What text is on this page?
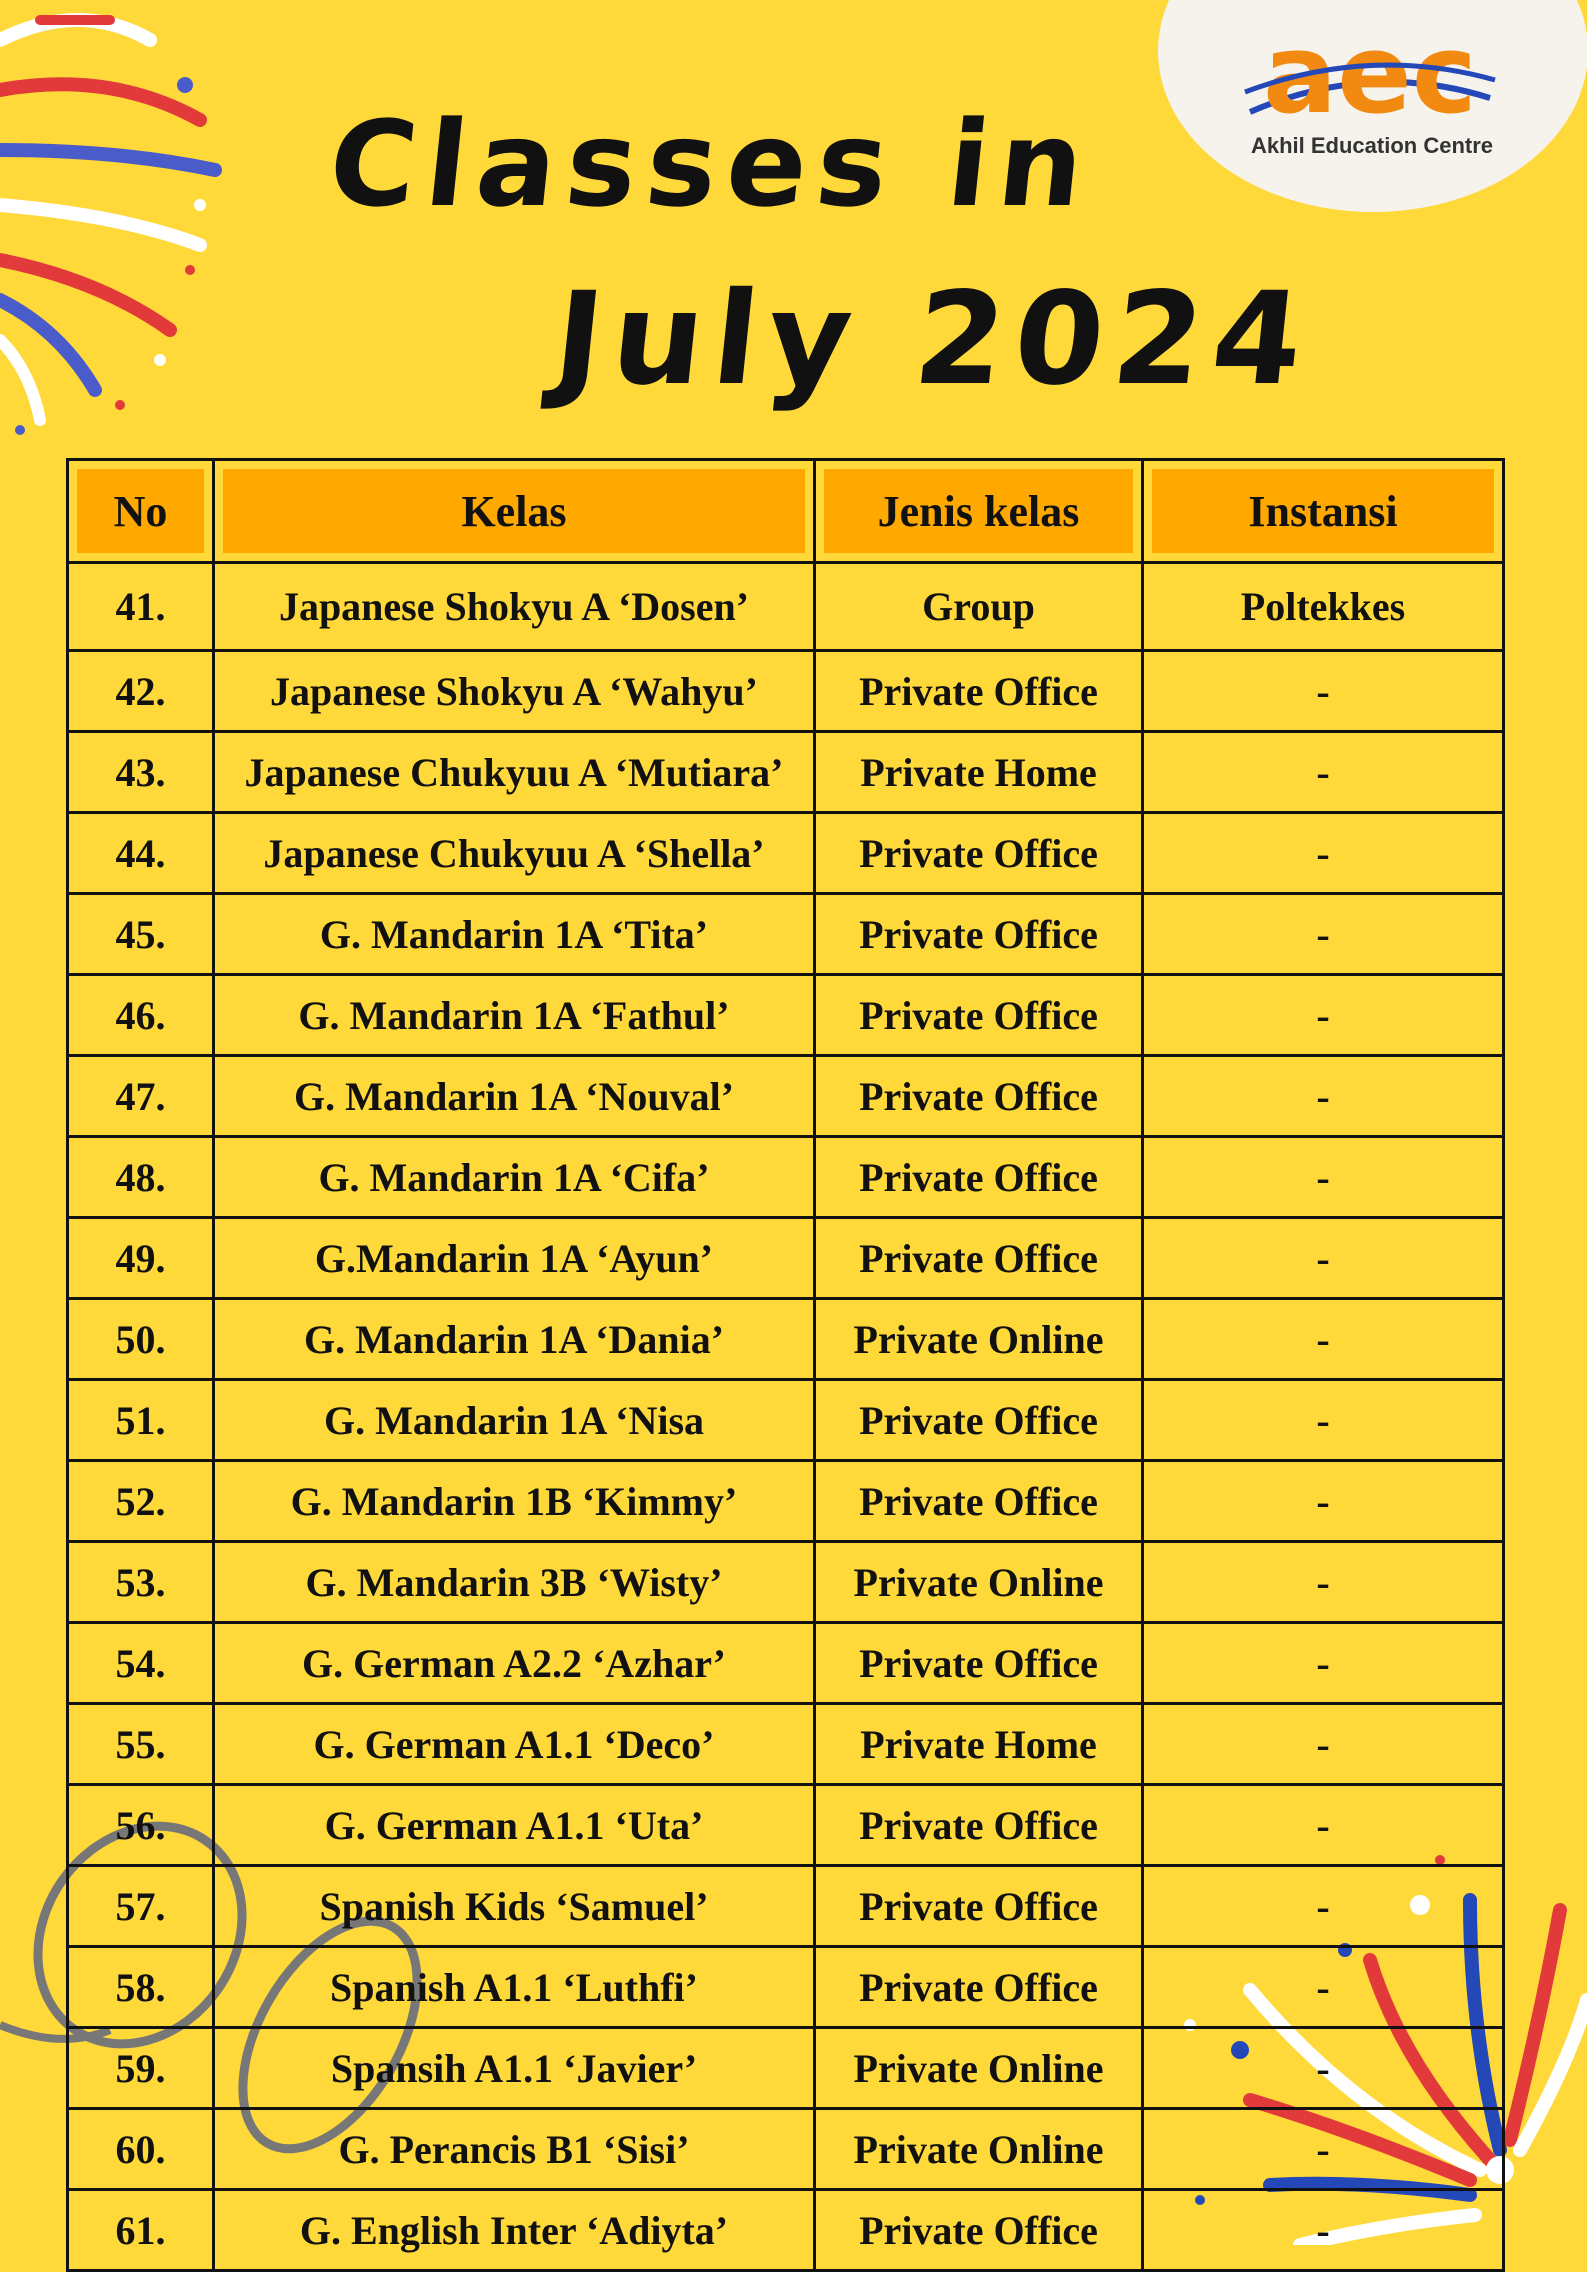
Classes in
July 2024
aec
Akhil Education Centre
No	Kelas	Jenis kelas	Instansi

41.	Japanese Shokyu A ‘Dosen’	Group	Poltekkes
42.	Japanese Shokyu A ‘Wahyu’	Private Office	-
43.	Japanese Chukyuu A ‘Mutiara’	Private Home	-
44.	Japanese Chukyuu A ‘Shella’	Private Office	-
45.	G. Mandarin 1A ‘Tita’	Private Office	-
46.	G. Mandarin 1A ‘Fathul’	Private Office	-
47.	G. Mandarin 1A ‘Nouval’	Private Office	-
48.	G. Mandarin 1A ‘Cifa’	Private Office	-
49.	G.Mandarin 1A ‘Ayun’	Private Office	-
50.	G. Mandarin 1A ‘Dania’	Private Online	-
51.	G. Mandarin 1A ‘Nisa	Private Office	-
52.	G. Mandarin 1B ‘Kimmy’	Private Office	-
53.	G. Mandarin 3B ‘Wisty’	Private Online	-
54.	G. German A2.2 ‘Azhar’	Private Office	-
55.	G. German A1.1 ‘Deco’	Private Home	-
56.	G. German A1.1 ‘Uta’	Private Office	-
57.	Spanish Kids ‘Samuel’	Private Office	-
58.	Spanish A1.1 ‘Luthfi’	Private Office	-
59.	Spansih A1.1 ‘Javier’	Private Online	-
60.	G. Perancis B1 ‘Sisi’	Private Online	-
61.	G. English Inter ‘Adiyta’	Private Office	-
